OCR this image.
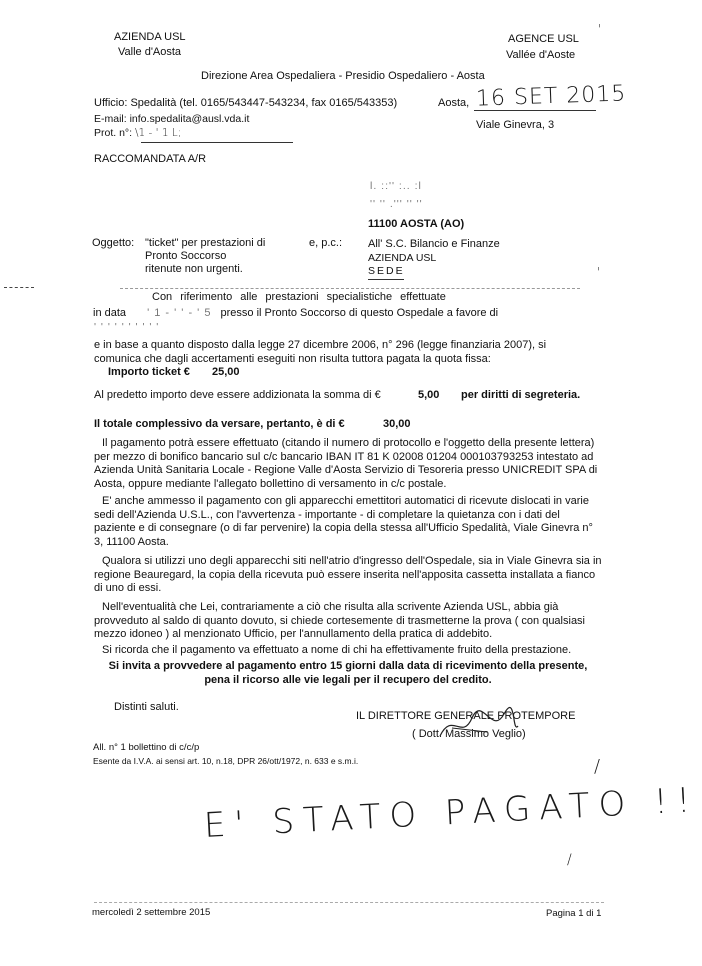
AZIENDA USL
Valle d'Aosta
AGENCE USL
Vallée d'Aoste
Direzione Area Ospedaliera - Presidio Ospedaliero - Aosta
Ufficio: Spedalità (tel. 0165/543447-543234, fax 0165/543353)
E-mail: info.spedalita@ausl.vda.it
Prot. n°: \1 - ' 1 L;
Aosta, 16 SET 2015
Viale Ginevra, 3
RACCOMANDATA A/R
l. ::'' :.. :l
'' '' .''' '' ''
11100 AOSTA (AO)
Oggetto: "ticket" per prestazioni di
Pronto Soccorso
ritenute non urgenti.
e, p.c.: All' S.C. Bilancio e Finanze
AZIENDA USL
SEDE
Con riferimento alle prestazioni specialistiche effettuate
in data ' 1 - ' ' - ' 5 presso il Pronto Soccorso di questo Ospedale a favore di
' ' ' ' ' ' ' ' ' '
e in base a quanto disposto dalla legge 27 dicembre 2006, n° 296 (legge finanziaria 2007), si comunica che dagli accertamenti eseguiti non risulta tuttora pagata la quota fissa:
Importo ticket € 25,00
Al predetto importo deve essere addizionata la somma di €	5,00 per diritti di segreteria.
Il totale complessivo da versare, pertanto, è di €	30,00
Il pagamento potrà essere effettuato (citando il numero di protocollo e l'oggetto della presente lettera) per mezzo di bonifico bancario sul c/c bancario IBAN IT 81 K 02008 01204 000103793253 intestato ad Azienda Unità Sanitaria Locale - Regione Valle d'Aosta Servizio di Tesoreria presso UNICREDIT SPA di Aosta, oppure mediante l'allegato bollettino di versamento in c/c postale.
E' anche ammesso il pagamento con gli apparecchi emettitori automatici di ricevute dislocati in varie sedi dell'Azienda U.S.L., con l'avvertenza - importante - di completare la quietanza con i dati del paziente e di consegnare (o di far pervenire) la copia della stessa all'Ufficio Spedalità, Viale Ginevra n° 3, 11100 Aosta.
Qualora si utilizzi uno degli apparecchi siti nell'atrio d'ingresso dell'Ospedale, sia in Viale Ginevra sia in regione Beauregard, la copia della ricevuta può essere inserita nell'apposita cassetta installata a fianco di uno di essi.
Nell'eventualità che Lei, contrariamente a ciò che risulta alla scrivente Azienda USL, abbia già provveduto al saldo di quanto dovuto, si chiede cortesemente di trasmetterne la prova ( con qualsiasi mezzo idoneo ) al menzionato Ufficio, per l'annullamento della pratica di addebito.
Si ricorda che il pagamento va effettuato a nome di chi ha effettivamente fruito della prestazione.
Si invita a provvedere al pagamento entro 15 giorni dalla data di ricevimento della presente,
pena il ricorso alle vie legali per il recupero del credito.
Distinti saluti.
IL DIRETTORE GENERALE PROTEMPORE
( Dott. Massimo Veglio)
All. n° 1 bollettino di c/c/p
Esente da I.V.A. ai sensi art. 10, n.18, DPR 26/ott/1972, n. 633 e s.m.i.
E' STATO PAGATO !!
'
'
/
/
mercoledì 2 settembre 2015	Pagina 1 di 1
